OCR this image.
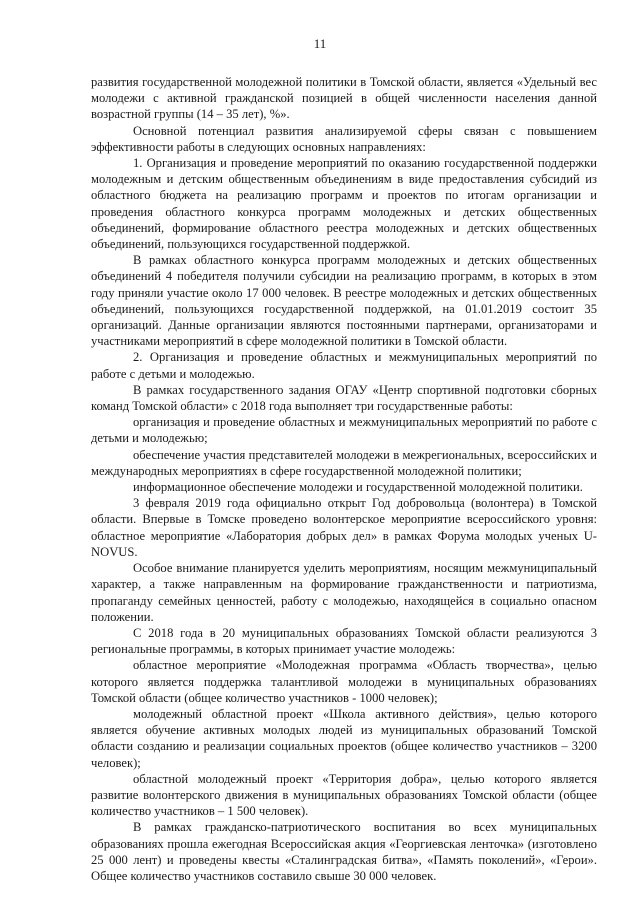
11

развития государственной молодежной политики в Томской области, является «Удельный вес молодежи с активной гражданской позицией в общей численности населения данной возрастной группы (14 – 35 лет), %».

Основной потенциал развития анализируемой сферы связан с повышением эффективности работы в следующих основных направлениях:

1. Организация и проведение мероприятий по оказанию государственной поддержки молодежным и детским общественным объединениям в виде предоставления субсидий из областного бюджета на реализацию программ и проектов по итогам организации и проведения областного конкурса программ молодежных и детских общественных объединений, формирование областного реестра молодежных и детских общественных объединений, пользующихся государственной поддержкой.

В рамках областного конкурса программ молодежных и детских общественных объединений 4 победителя получили субсидии на реализацию программ, в которых в этом году приняли участие около 17 000 человек. В реестре молодежных и детских общественных объединений, пользующихся государственной поддержкой, на 01.01.2019 состоит 35 организаций. Данные организации являются постоянными партнерами, организаторами и участниками мероприятий в сфере молодежной политики в Томской области.

2. Организация и проведение областных и межмуниципальных мероприятий по работе с детьми и молодежью.

В рамках государственного задания ОГАУ «Центр спортивной подготовки сборных команд Томской области» с 2018 года выполняет три государственные работы:

организация и проведение областных и межмуниципальных мероприятий по работе с детьми и молодежью;

обеспечение участия представителей молодежи в межрегиональных, всероссийских и международных мероприятиях в сфере государственной молодежной политики;

информационное обеспечение молодежи и государственной молодежной политики.

3 февраля 2019 года официально открыт Год добровольца (волонтера) в Томской области. Впервые в Томске проведено волонтерское мероприятие всероссийского уровня: областное мероприятие «Лаборатория добрых дел» в рамках Форума молодых ученых U-NOVUS.

Особое внимание планируется уделить мероприятиям, носящим межмуниципальный характер, а также направленным на формирование гражданственности и патриотизма, пропаганду семейных ценностей, работу с молодежью, находящейся в социально опасном положении.

С 2018 года в 20 муниципальных образованиях Томской области реализуются 3 региональные программы, в которых принимает участие молодежь:

областное мероприятие «Молодежная программа «Область творчества», целью которого является поддержка талантливой молодежи в муниципальных образованиях Томской области (общее количество участников - 1000 человек);

молодежный областной проект «Школа активного действия», целью которого является обучение активных молодых людей из муниципальных образований Томской области созданию и реализации социальных проектов (общее количество участников – 3200 человек);

областной молодежный проект «Территория добра», целью которого является развитие волонтерского движения в муниципальных образованиях Томской области (общее количество участников – 1 500 человек).

В рамках гражданско-патриотического воспитания во всех муниципальных образованиях прошла ежегодная Всероссийская акция «Георгиевская ленточка» (изготовлено 25 000 лент) и проведены квесты «Сталинградская битва», «Память поколений», «Герои». Общее количество участников составило свыше 30 000 человек.
